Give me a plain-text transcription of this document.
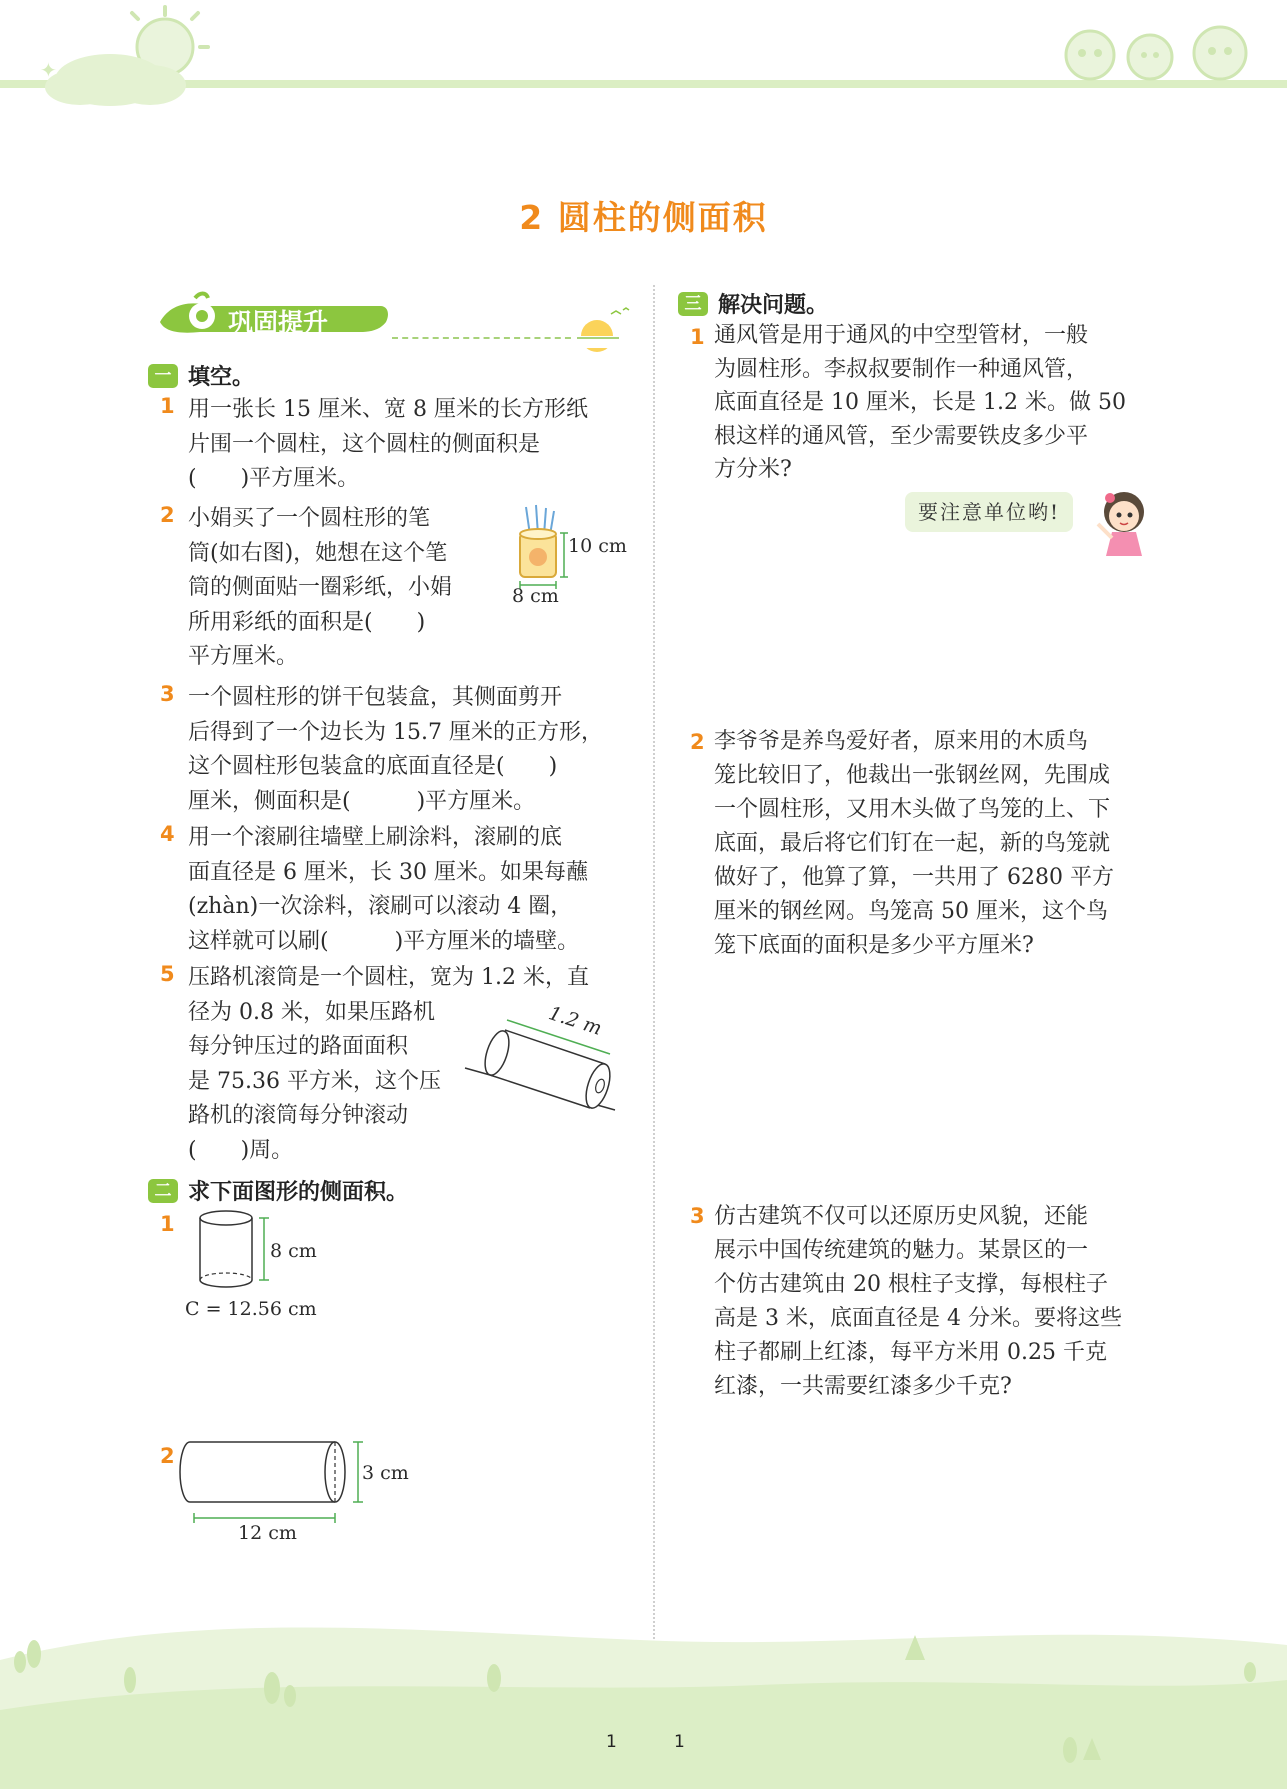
✦
2 圆柱的侧面积
巩固提升
一 填空。
1 用一张长 15 厘米、宽 8 厘米的长方形纸
片围一个圆柱，这个圆柱的侧面积是
(　　)平方厘米。
2 小娟买了一个圆柱形的笔
筒(如右图)，她想在这个笔
筒的侧面贴一圈彩纸，小娟
所用彩纸的面积是(　　)
平方厘米。
10 cm
8 cm
3 一个圆柱形的饼干包装盒，其侧面剪开
后得到了一个边长为 15.7 厘米的正方形，
这个圆柱形包装盒的底面直径是(　　)
厘米，侧面积是(　　　)平方厘米。
4 用一个滚刷往墙壁上刷涂料，滚刷的底
面直径是 6 厘米，长 30 厘米。如果每蘸
(zhàn)一次涂料，滚刷可以滚动 4 圈，
这样就可以刷(　　　)平方厘米的墙壁。
5 压路机滚筒是一个圆柱，宽为 1.2 米，直
径为 0.8 米，如果压路机
每分钟压过的路面面积
是 75.36 平方米，这个压
路机的滚筒每分钟滚动
(　　)周。
1.2 m
二 求下面图形的侧面积。
1
8 cm
C = 12.56 cm
2
3 cm
12 cm
三 解决问题。
1 通风管是用于通风的中空型管材，一般
为圆柱形。李叔叔要制作一种通风管，
底面直径是 10 厘米，长是 1.2 米。做 50
根这样的通风管，至少需要铁皮多少平
方分米?
要注意单位哟!
2 李爷爷是养鸟爱好者，原来用的木质鸟
笼比较旧了，他裁出一张钢丝网，先围成
一个圆柱形，又用木头做了鸟笼的上、下
底面，最后将它们钉在一起，新的鸟笼就
做好了，他算了算，一共用了 6280 平方
厘米的钢丝网。鸟笼高 50 厘米，这个鸟
笼下底面的面积是多少平方厘米?
3 仿古建筑不仅可以还原历史风貌，还能
展示中国传统建筑的魅力。某景区的一
个仿古建筑由 20 根柱子支撑，每根柱子
高是 3 米，底面直径是 4 分米。要将这些
柱子都刷上红漆，每平方米用 0.25 千克
红漆，一共需要红漆多少千克?
1	1
